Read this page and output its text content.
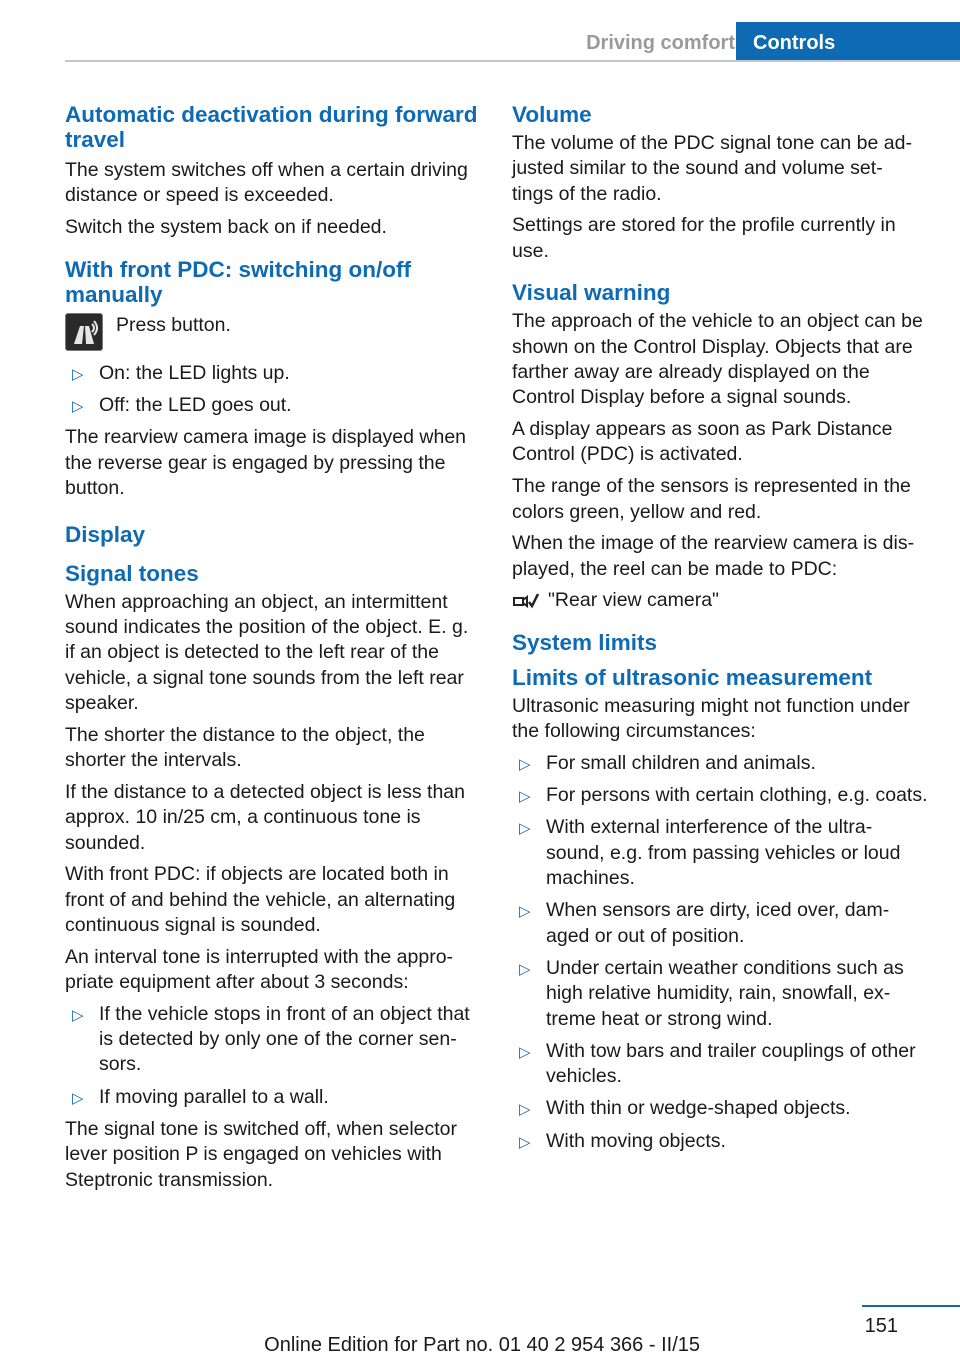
Driving comfort Controls
Automatic deactivation during forward travel

The system switches off when a certain driving distance or speed is exceeded.

Switch the system back on if needed.

With front PDC: switching on/off manually
Press button.
▷ On: the LED lights up.
▷ Off: the LED goes out.

The rearview camera image is displayed when the reverse gear is engaged by pressing the button.

Display
Signal tones

When approaching an object, an intermittent sound indicates the position of the object. E. g. if an object is detected to the left rear of the vehicle, a signal tone sounds from the left rear speaker.

The shorter the distance to the object, the shorter the intervals.

If the distance to a detected object is less than approx. 10 in/25 cm, a continuous tone is sounded.

With front PDC: if objects are located both in front of and behind the vehicle, an alternating continuous signal is sounded.

An interval tone is interrupted with the appro‐ priate equipment after about 3 seconds:

▷ If the vehicle stops in front of an object that is detected by only one of the corner sen‐ sors.
▷ If moving parallel to a wall.

The signal tone is switched off, when selector lever position P is engaged on vehicles with Steptronic transmission.

Volume

The volume of the PDC signal tone can be ad‐ justed similar to the sound and volume set‐ tings of the radio.

Settings are stored for the profile currently in use.

Visual warning

The approach of the vehicle to an object can be shown on the Control Display. Objects that are farther away are already displayed on the Control Display before a signal sounds.

A display appears as soon as Park Distance Control (PDC) is activated.

The range of the sensors is represented in the colors green, yellow and red.

When the image of the rearview camera is dis‐ played, the reel can be made to PDC:

"Rear view camera"
System limits
Limits of ultrasonic measurement

Ultrasonic measuring might not function under the following circumstances:

▷ For small children and animals.
▷ For persons with certain clothing, e.g. coats.
▷ With external interference of the ultra‐ sound, e.g. from passing vehicles or loud machines.
▷ When sensors are dirty, iced over, dam‐ aged or out of position.
▷ Under certain weather conditions such as high relative humidity, rain, snowfall, ex‐ treme heat or strong wind.
▷ With tow bars and trailer couplings of other vehicles.
▷ With thin or wedge-shaped objects.
▷ With moving objects.
151
Online Edition for Part no. 01 40 2 954 366 - II/15
